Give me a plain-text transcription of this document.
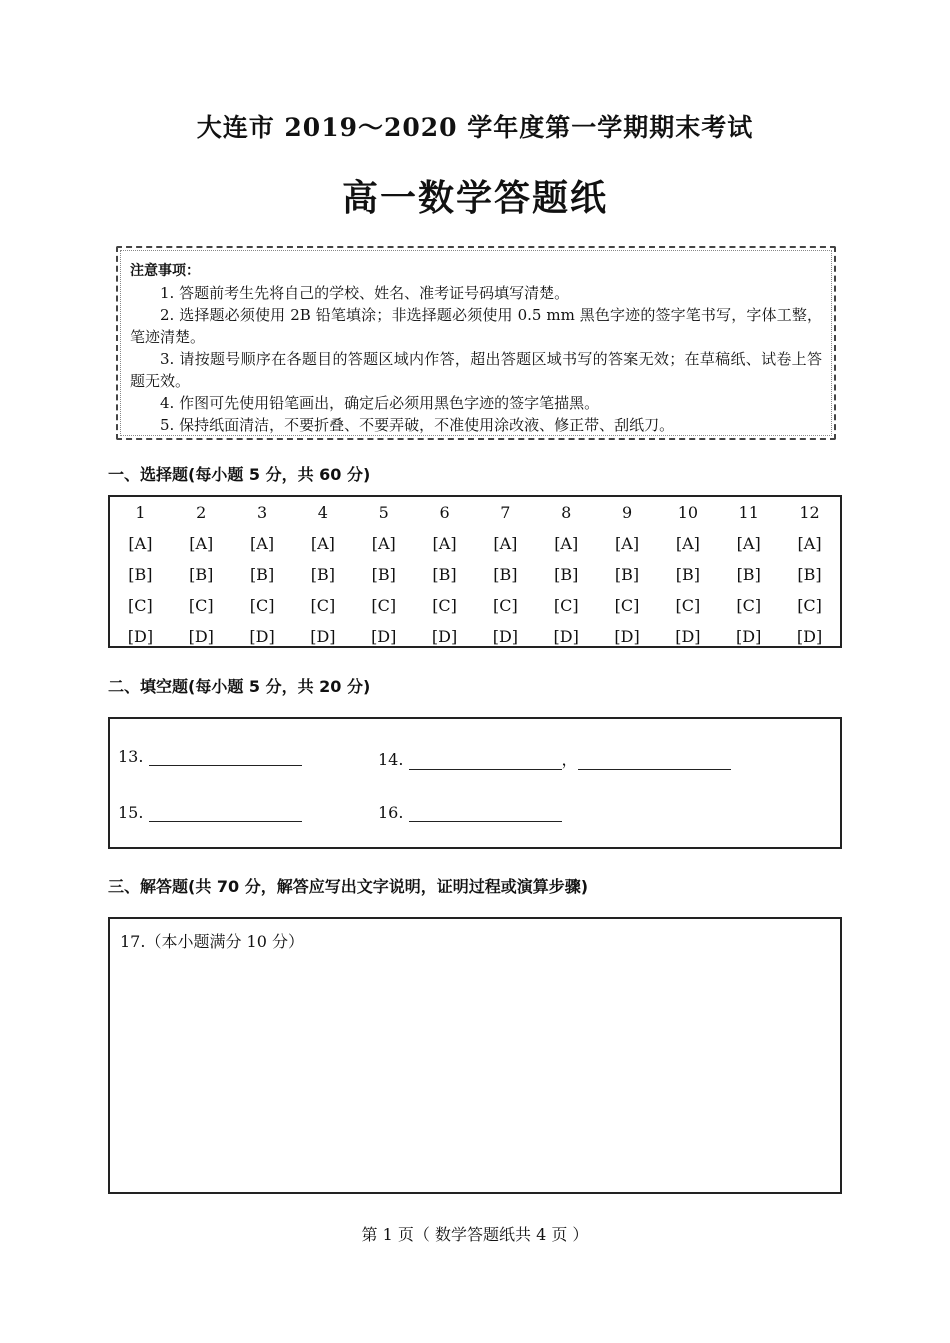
大连市 2019～2020 学年度第一学期期末考试
高一数学答题纸
注意事项：

1. 答题前考生先将自己的学校、姓名、准考证号码填写清楚。

2. 选择题必须使用 2B 铅笔填涂；非选择题必须使用 0.5 mm 黑色字迹的签字笔书写，字体工整，笔迹清楚。

3. 请按题号顺序在各题目的答题区域内作答，超出答题区域书写的答案无效；在草稿纸、试卷上答题无效。

4. 作图可先使用铅笔画出，确定后必须用黑色字迹的签字笔描黑。

5. 保持纸面清洁，不要折叠、不要弄破，不准使用涂改液、修正带、刮纸刀。

一、选择题(每小题 5 分，共 60 分)
1	2	3	4	5	6	7	8	9	10	11	12
[A]	[A]	[A]	[A]	[A]	[A]	[A]	[A]	[A]	[A]	[A]	[A]
[B]	[B]	[B]	[B]	[B]	[B]	[B]	[B]	[B]	[B]	[B]	[B]
[C]	[C]	[C]	[C]	[C]	[C]	[C]	[C]	[C]	[C]	[C]	[C]
[D]	[D]	[D]	[D]	[D]	[D]	[D]	[D]	[D]	[D]	[D]	[D]
二、填空题(每小题 5 分，共 20 分)
13.	14.	，
15.	16.
三、解答题(共 70 分，解答应写出文字说明，证明过程或演算步骤)
17.（本小题满分 10 分）
第 1 页（ 数学答题纸共 4 页 ）
